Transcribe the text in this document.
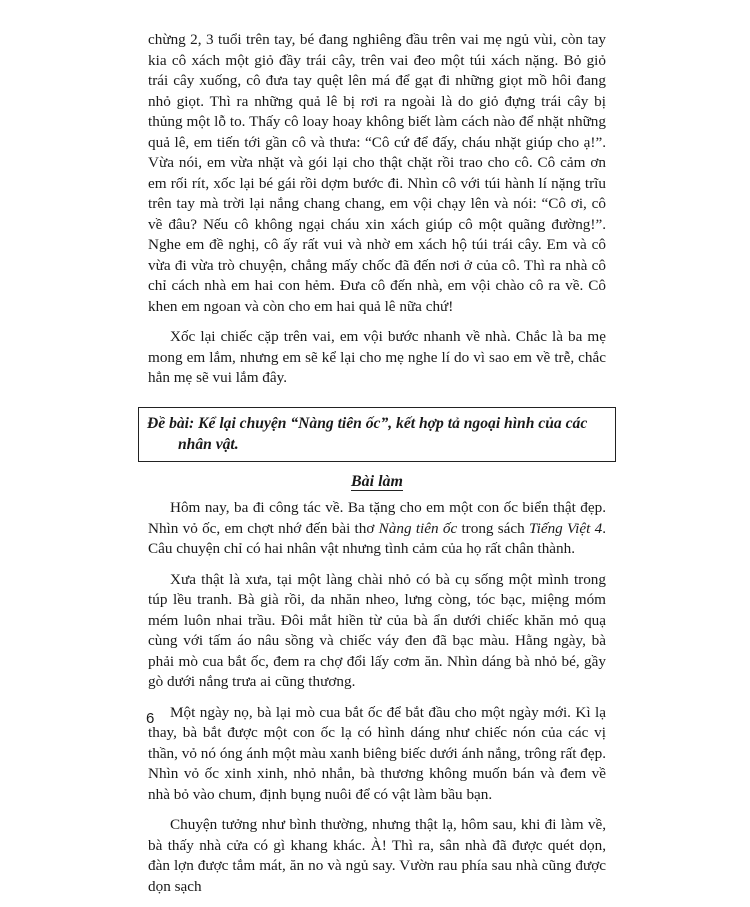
chừng 2, 3 tuổi trên tay, bé đang nghiêng đầu trên vai mẹ ngủ vùi, còn tay kia cô xách một giỏ đầy trái cây, trên vai đeo một túi xách nặng. Bỏ giỏ trái cây xuống, cô đưa tay quệt lên má để gạt đi những giọt mồ hôi đang nhỏ giọt. Thì ra những quả lê bị rơi ra ngoài là do giỏ đựng trái cây bị thủng một lỗ to. Thấy cô loay hoay không biết làm cách nào để nhặt những quả lê, em tiến tới gần cô và thưa: “Cô cứ để đấy, cháu nhặt giúp cho ạ!”. Vừa nói, em vừa nhặt và gói lại cho thật chặt rồi trao cho cô. Cô cảm ơn em rối rít, xốc lại bé gái rồi dợm bước đi. Nhìn cô với túi hành lí nặng trĩu trên tay mà trời lại nắng chang chang, em vội chạy lên và nói: “Cô ơi, cô về đâu? Nếu cô không ngại cháu xin xách giúp cô một quãng đường!”. Nghe em đề nghị, cô ấy rất vui và nhờ em xách hộ túi trái cây. Em và cô vừa đi vừa trò chuyện, chẳng mấy chốc đã đến nơi ở của cô. Thì ra nhà cô chỉ cách nhà em hai con hẻm. Đưa cô đến nhà, em vội chào cô ra về. Cô khen em ngoan và còn cho em hai quả lê nữa chứ!

Xốc lại chiếc cặp trên vai, em vội bước nhanh về nhà. Chắc là ba mẹ mong em lắm, nhưng em sẽ kể lại cho mẹ nghe lí do vì sao em về trễ, chắc hẳn mẹ sẽ vui lắm đây.

Đề bài: Kể lại chuyện “Nàng tiên ốc”, kết hợp tả ngoại hình của các
nhân vật.
Bài làm

Hôm nay, ba đi công tác về. Ba tặng cho em một con ốc biển thật đẹp. Nhìn vỏ ốc, em chợt nhớ đến bài thơ Nàng tiên ốc trong sách Tiếng Việt 4. Câu chuyện chỉ có hai nhân vật nhưng tình cảm của họ rất chân thành.

Xưa thật là xưa, tại một làng chài nhỏ có bà cụ sống một mình trong túp lều tranh. Bà già rồi, da nhăn nheo, lưng còng, tóc bạc, miệng móm mém luôn nhai trầu. Đôi mắt hiền từ của bà ẩn dưới chiếc khăn mỏ quạ cùng với tấm áo nâu sồng và chiếc váy đen đã bạc màu. Hằng ngày, bà phải mò cua bắt ốc, đem ra chợ đổi lấy cơm ăn. Nhìn dáng bà nhỏ bé, gầy gò dưới nắng trưa ai cũng thương.

Một ngày nọ, bà lại mò cua bắt ốc để bắt đầu cho một ngày mới. Kì lạ thay, bà bắt được một con ốc lạ có hình dáng như chiếc nón của các vị thần, vỏ nó óng ánh một màu xanh biêng biếc dưới ánh nắng, trông rất đẹp. Nhìn vỏ ốc xinh xinh, nhỏ nhắn, bà thương không muốn bán và đem về nhà bỏ vào chum, định bụng nuôi để có vật làm bầu bạn.

Chuyện tưởng như bình thường, nhưng thật lạ, hôm sau, khi đi làm về, bà thấy nhà cửa có gì khang khác. À! Thì ra, sân nhà đã được quét dọn, đàn lợn được tắm mát, ăn no và ngủ say. Vườn rau phía sau nhà cũng được dọn sạch

6
